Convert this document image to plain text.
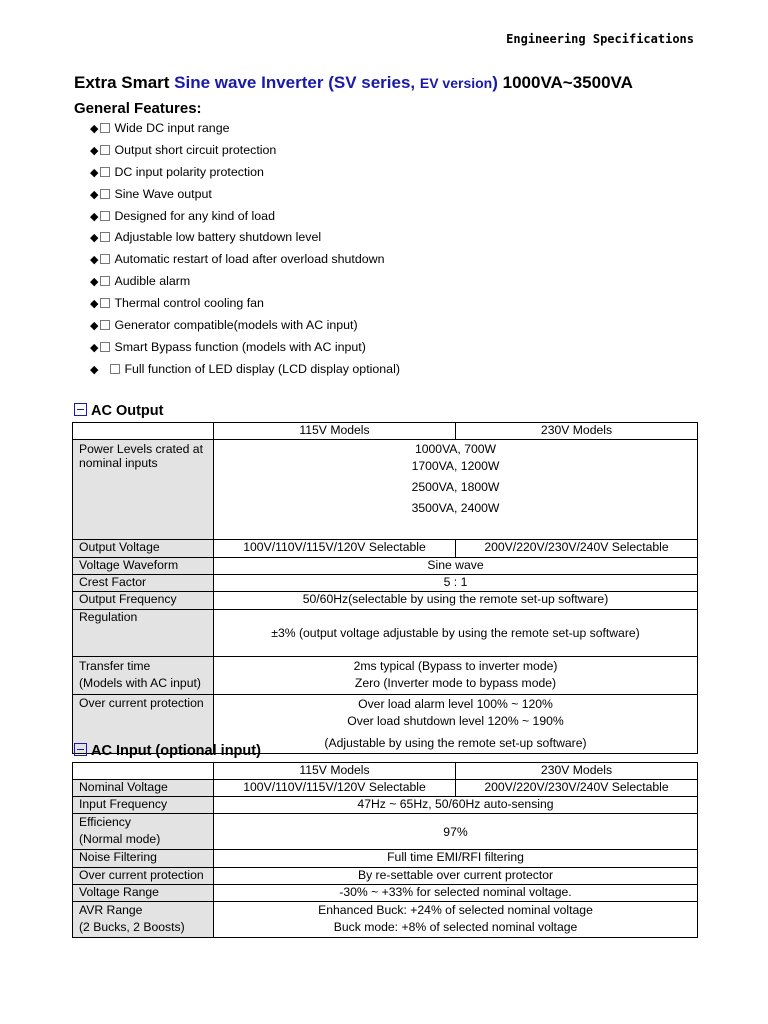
Engineering Specifications
Extra Smart Sine wave Inverter (SV series, EV version) 1000VA~3500VA
General Features:
◆ Wide DC input range
◆ Output short circuit protection
◆ DC input polarity protection
◆ Sine Wave output
◆ Designed for any kind of load
◆ Adjustable low battery shutdown level
◆ Automatic restart of load after overload shutdown
◆ Audible alarm
◆ Thermal control cooling fan
◆ Generator compatible(models with AC input)
◆ Smart Bypass function (models with AC input)
◆ Full function of LED display (LCD display optional)
AC Output
	115V Models	230V Models
Power Levels crated at nominal inputs	1000VA, 700W
1700VA, 1200W
2500VA, 1800W
3500VA, 2400W	

Output Voltage	100V/110V/115V/120V Selectable	200V/220V/230V/240V Selectable
Voltage Waveform	Sine wave	
Crest Factor	5 : 1	
Output Frequency	50/60Hz(selectable by using the remote set-up software)	
Regulation	±3% (output voltage adjustable by using the remote set-up software)	

Transfer time
(Models with AC input)	2ms typical (Bypass to inverter mode)
Zero (Inverter mode to bypass mode)	

Over current protection	Over load alarm level 100% ~ 120%
Over load shutdown level 120% ~ 190%
(Adjustable by using the remote set-up software)	
AC Input (optional input)
	115V Models	230V Models
Nominal Voltage	100V/110V/115V/120V Selectable	200V/220V/230V/240V Selectable
Input Frequency	47Hz ~ 65Hz, 50/60Hz auto-sensing	

Efficiency
(Normal mode)	97%	
Noise Filtering	Full time EMI/RFI filtering	
Over current protection	By re-settable over current protector	
Voltage Range	-30% ~ +33% for selected nominal voltage.	

AVR Range
(2 Bucks, 2 Boosts)	Enhanced Buck: +24% of selected nominal voltage
Buck mode: +8% of selected nominal voltage	
